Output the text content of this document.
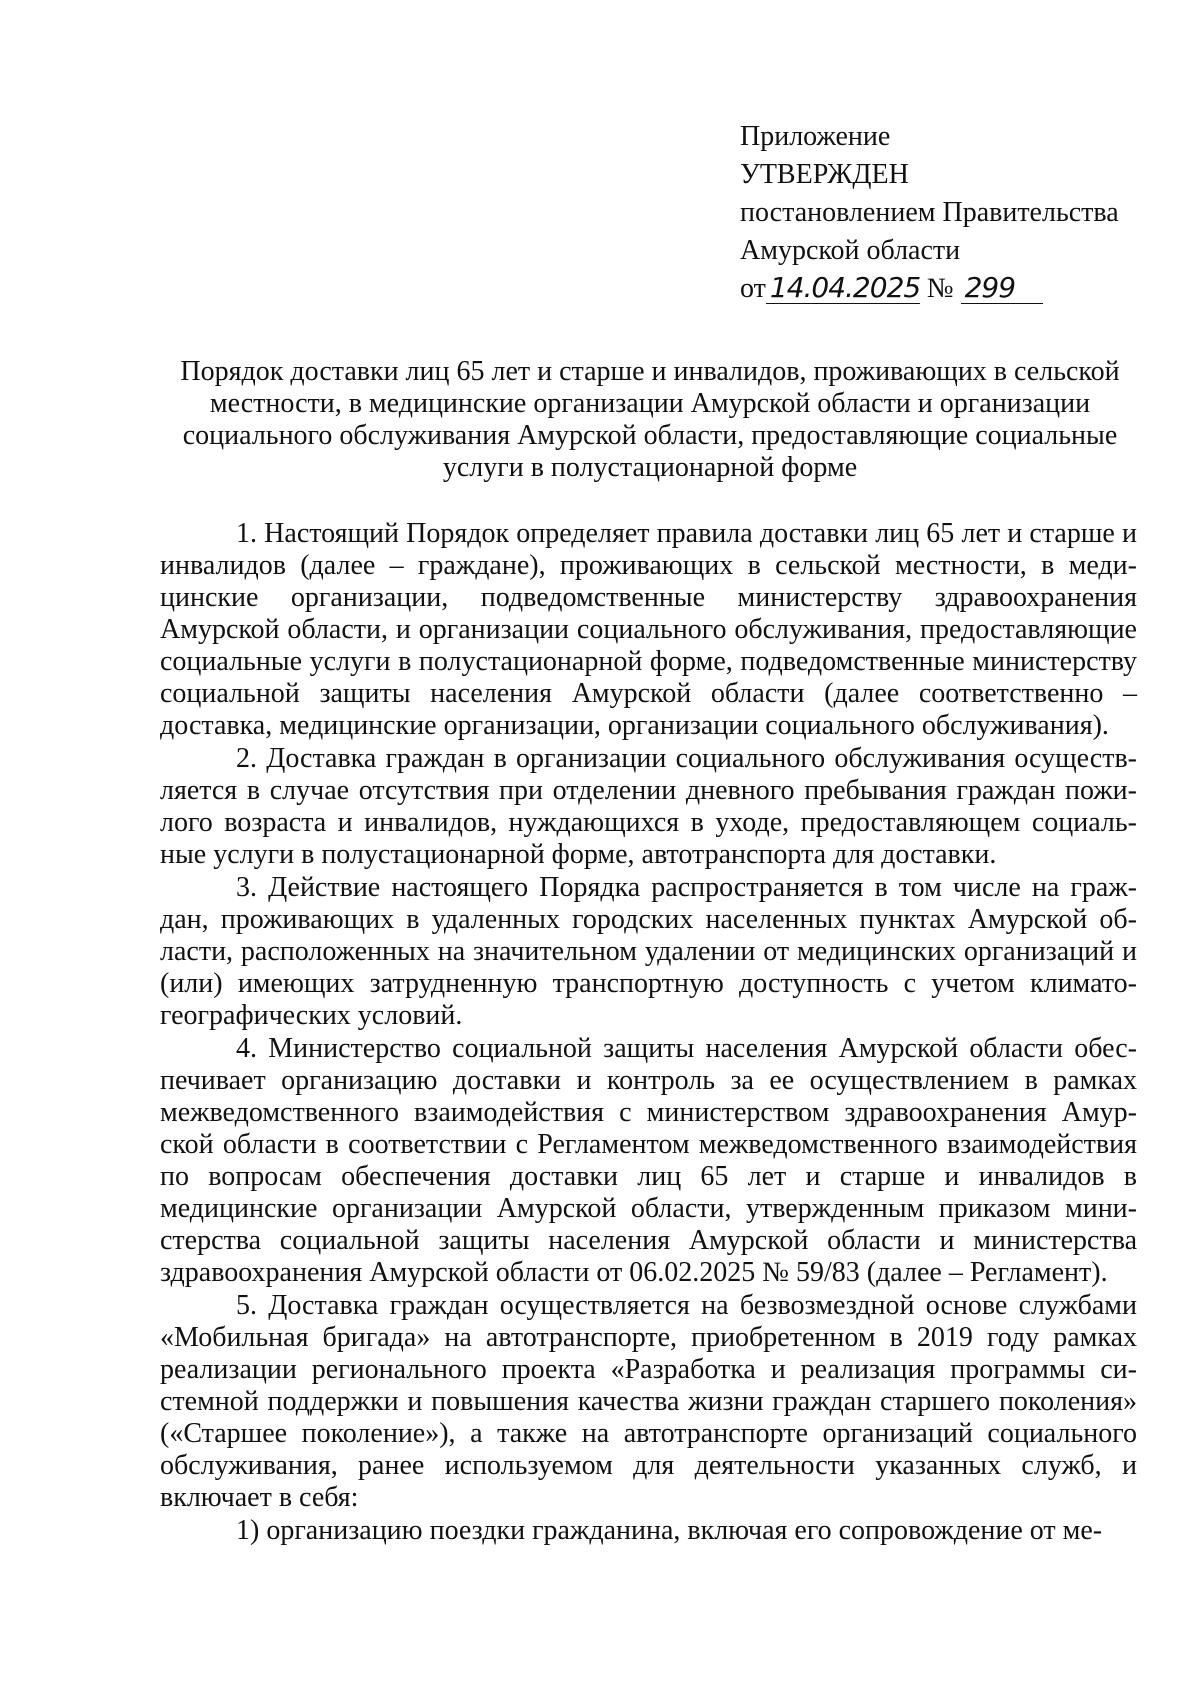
Приложение
УТВЕРЖДЕН
постановлением Правительства
Амурской области
от 14.04.2025 № 299
Порядок доставки лиц 65 лет и старше и инвалидов, проживающих в сельской
местности, в медицинские организации Амурской области и организации
социального обслуживания Амурской области, предоставляющие социальные
услуги в полустационарной форме

1. Настоящий Порядок определяет правила доставки лиц 65 лет и старше и инвалидов (далее – граждане), проживающих в сельской местности, в медицинские организации, подведомственные министерству здравоохранения Амурской области, и организации социального обслуживания, предоставляющие социальные услуги в полустационарной форме, подведомственные министерству социальной защиты населения Амурской области (далее соответственно – доставка, медицинские организации, организации социального обслуживания).

2. Доставка граждан в организации социального обслуживания осуществляется в случае отсутствия при отделении дневного пребывания граждан пожилого возраста и инвалидов, нуждающихся в уходе, предоставляющем социальные услуги в полустационарной форме, автотранспорта для доставки.

3. Действие настоящего Порядка распространяется в том числе на граждан, проживающих в удаленных городских населенных пунктах Амурской области, расположенных на значительном удалении от медицинских организаций и (или) имеющих затрудненную транспортную доступность с учетом климатогеографических условий.

4. Министерство социальной защиты населения Амурской области обеспечивает организацию доставки и контроль за ее осуществлением в рамках межведомственного взаимодействия с министерством здравоохранения Амурской области в соответствии с Регламентом межведомственного взаимодействия по вопросам обеспечения доставки лиц 65 лет и старше и инвалидов в медицинские организации Амурской области, утвержденным приказом министерства социальной защиты населения Амурской области и министерства здравоохранения Амурской области от 06.02.2025 № 59/83 (далее – Регламент).

5. Доставка граждан осуществляется на безвозмездной основе службами «Мобильная бригада» на автотранспорте, приобретенном в 2019 году рамках реализации регионального проекта «Разработка и реализация программы системной поддержки и повышения качества жизни граждан старшего поколения» («Старшее поколение»), а также на автотранспорте организаций социального обслуживания, ранее используемом для деятельности указанных служб, и включает в себя:

1) организацию поездки гражданина, включая его сопровождение от ме-
